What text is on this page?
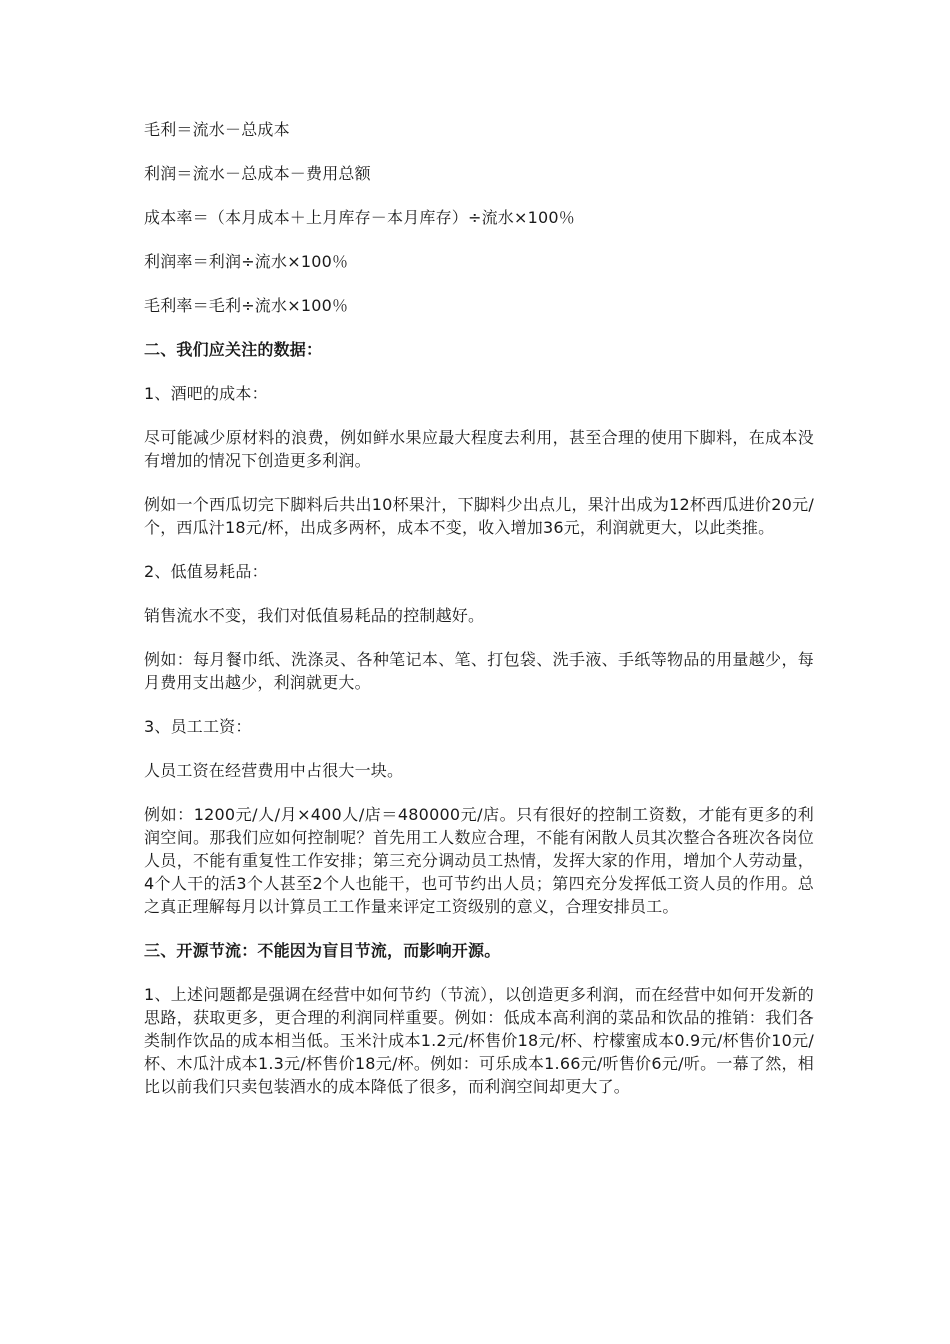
毛利＝流水－总成本

利润＝流水－总成本－费用总额

成本率＝（本月成本＋上月库存－本月库存）÷流水×100％

利润率＝利润÷流水×100％

毛利率＝毛利÷流水×100％

二、我们应关注的数据：

1、酒吧的成本：

尽可能减少原材料的浪费，例如鲜水果应最大程度去利用，甚至合理的使用下脚料，在成本没有增加的情况下创造更多利润。

例如一个西瓜切完下脚料后共出10杯果汁，下脚料少出点儿，果汁出成为12杯西瓜进价20元/个，西瓜汁18元/杯，出成多两杯，成本不变，收入增加36元，利润就更大，以此类推。

2、低值易耗品：

销售流水不变，我们对低值易耗品的控制越好。

例如：每月餐巾纸、洗涤灵、各种笔记本、笔、打包袋、洗手液、手纸等物品的用量越少，每月费用支出越少，利润就更大。

3、员工工资：

人员工资在经营费用中占很大一块。

例如：1200元/人/月×400人/店＝480000元/店。只有很好的控制工资数，才能有更多的利润空间。那我们应如何控制呢？首先用工人数应合理，不能有闲散人员其次整合各班次各岗位人员，不能有重复性工作安排；第三充分调动员工热情，发挥大家的作用，增加个人劳动量，4个人干的活3个人甚至2个人也能干，也可节约出人员；第四充分发挥低工资人员的作用。总之真正理解每月以计算员工工作量来评定工资级别的意义，合理安排员工。

三、开源节流：不能因为盲目节流，而影响开源。

1、上述问题都是强调在经营中如何节约（节流），以创造更多利润，而在经营中如何开发新的思路，获取更多，更合理的利润同样重要。例如：低成本高利润的菜品和饮品的推销：我们各类制作饮品的成本相当低。玉米汁成本1.2元/杯售价18元/杯、柠檬蜜成本0.9元/杯售价10元/杯、木瓜汁成本1.3元/杯售价18元/杯。例如：可乐成本1.66元/听售价6元/听。一幕了然，相比以前我们只卖包装酒水的成本降低了很多，而利润空间却更大了。
